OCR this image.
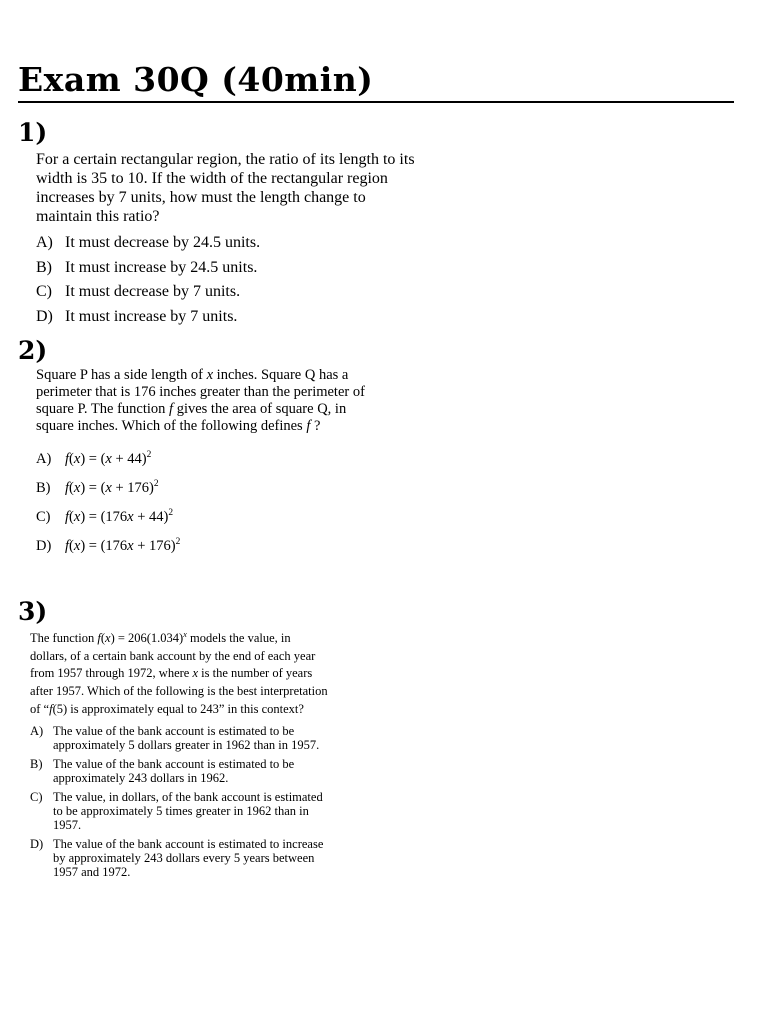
Exam 30Q (40min)
1)

For a certain rectangular region, the ratio of its length to its width is 35 to 10. If the width of the rectangular region increases by 7 units, how must the length change to maintain this ratio?

A) It must decrease by 24.5 units.
B) It must increase by 24.5 units.
C) It must decrease by 7 units.
D) It must increase by 7 units.
2)

Square P has a side length of x inches. Square Q has a perimeter that is 176 inches greater than the perimeter of square P. The function f gives the area of square Q, in square inches. Which of the following defines f ?

A) $f(x) = (x + 44)^2$
B) $f(x) = (x + 176)^2$
C) $f(x) = (176x + 44)^2$
D) $f(x) = (176x + 176)^2$
3)

The function $f(x) = 206(1.034)^x$ models the value, in dollars, of a certain bank account by the end of each year from 1957 through 1972, where x is the number of years after 1957. Which of the following is the best interpretation of “f(5) is approximately equal to 243” in this context?

A) The value of the bank account is estimated to be approximately 5 dollars greater in 1962 than in 1957.
B) The value of the bank account is estimated to be approximately 243 dollars in 1962.
C) The value, in dollars, of the bank account is estimated to be approximately 5 times greater in 1962 than in 1957.
D) The value of the bank account is estimated to increase by approximately 243 dollars every 5 years between 1957 and 1972.
